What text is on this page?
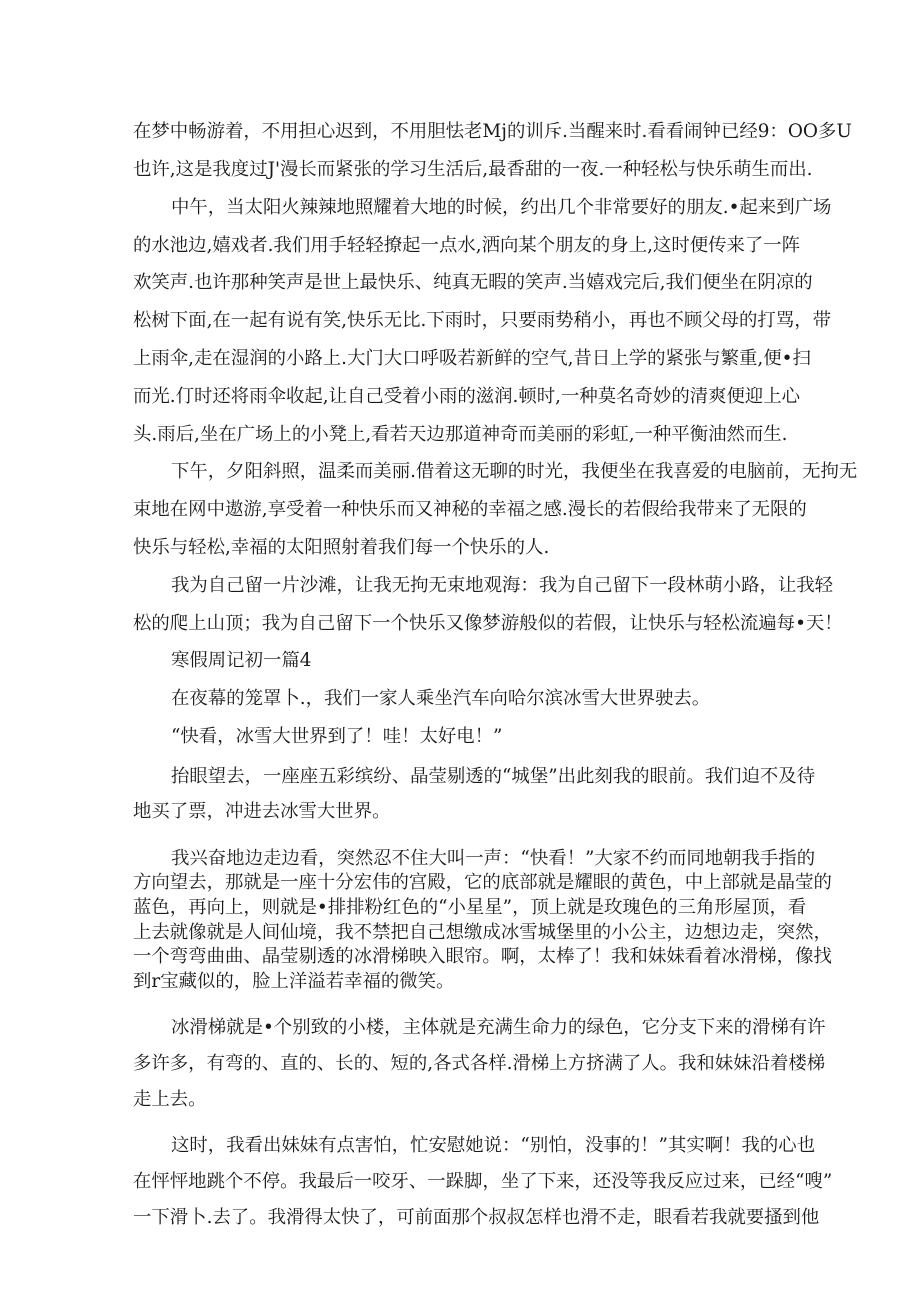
在梦中畅游着，不用担心迟到，不用胆怯老Mj的训斥.当醒来时.看看闹钟已经9：OO多U
也许,这是我度过J'漫长而紧张的学习生活后,最香甜的一夜.一种轻松与快乐萌生而出.
中午，当太阳火辣辣地照耀着大地的时候，约出几个非常要好的朋友.•起来到广场
的水池边,嬉戏者.我们用手轻轻撩起一点水,洒向某个朋友的身上,这时便传来了一阵
欢笑声.也许那种笑声是世上最快乐、纯真无暇的笑声.当嬉戏完后,我们便坐在阴凉的
松树下面,在一起有说有笑,快乐无比.下雨时，只要雨势稍小，再也不顾父母的打骂，带
上雨伞,走在湿润的小路上.大门大口呼吸若新鲜的空气,昔日上学的紧张与繁重,便•扫
而光.仃时还将雨伞收起,让自己受着小雨的滋润.顿时,一种莫名奇妙的清爽便迎上心
头.雨后,坐在广场上的小凳上,看若天边那道神奇而美丽的彩虹,一种平衡油然而生.
下午，夕阳斜照，温柔而美丽.借着这无聊的时光，我便坐在我喜爱的电脑前，无拘无
束地在网中遨游,享受着一种快乐而又神秘的幸福之感.漫长的若假给我带来了无限的
快乐与轻松,幸福的太阳照射着我们每一个快乐的人.
我为自己留一片沙滩，让我无拘无束地观海：我为自己留下一段林萌小路，让我轻
松的爬上山顶；我为自己留下一个快乐又像梦游般似的若假，让快乐与轻松流遍每•天！
寒假周记初一篇4
在夜幕的笼罩卜.，我们一家人乘坐汽车向哈尔滨冰雪大世界驶去。
“快看，冰雪大世界到了！哇！太好电！”
抬眼望去，一座座五彩缤纷、晶莹剔透的“城堡”出此刻我的眼前。我们迫不及待
地买了票，冲进去冰雪大世界。
我兴奋地边走边看，突然忍不住大叫一声：“快看！”大家不约而同地朝我手指的
方向望去，那就是一座十分宏伟的宫殿，它的底部就是耀眼的黄色，中上部就是晶莹的
蓝色，再向上，则就是•排排粉红色的“小星星”，顶上就是玫瑰色的三角形屋顶，看
上去就像就是人间仙境，我不禁把自己想缴成冰雪城堡里的小公主，边想边走，突然，
一个弯弯曲曲、晶莹剔透的冰滑梯映入眼帘。啊，太棒了！我和妹妹看着冰滑梯，像找
到r宝藏似的，脸上洋溢若幸福的微笑。
冰滑梯就是•个别致的小楼，主体就是充满生命力的绿色，它分支下来的滑梯有许
多许多，有弯的、直的、长的、短的,各式各样.滑梯上方挤满了人。我和妹妹沿着楼梯
走上去。
这时，我看出妹妹有点害怕，忙安慰她说：“别怕，没事的！”其实啊！我的心也
在怦怦地跳个不停。我最后一咬牙、一跺脚，坐了下来，还没等我反应过来，已经“嗖”
一下滑卜.去了。我滑得太快了，可前面那个叔叔怎样也滑不走，眼看若我就要搔到他
